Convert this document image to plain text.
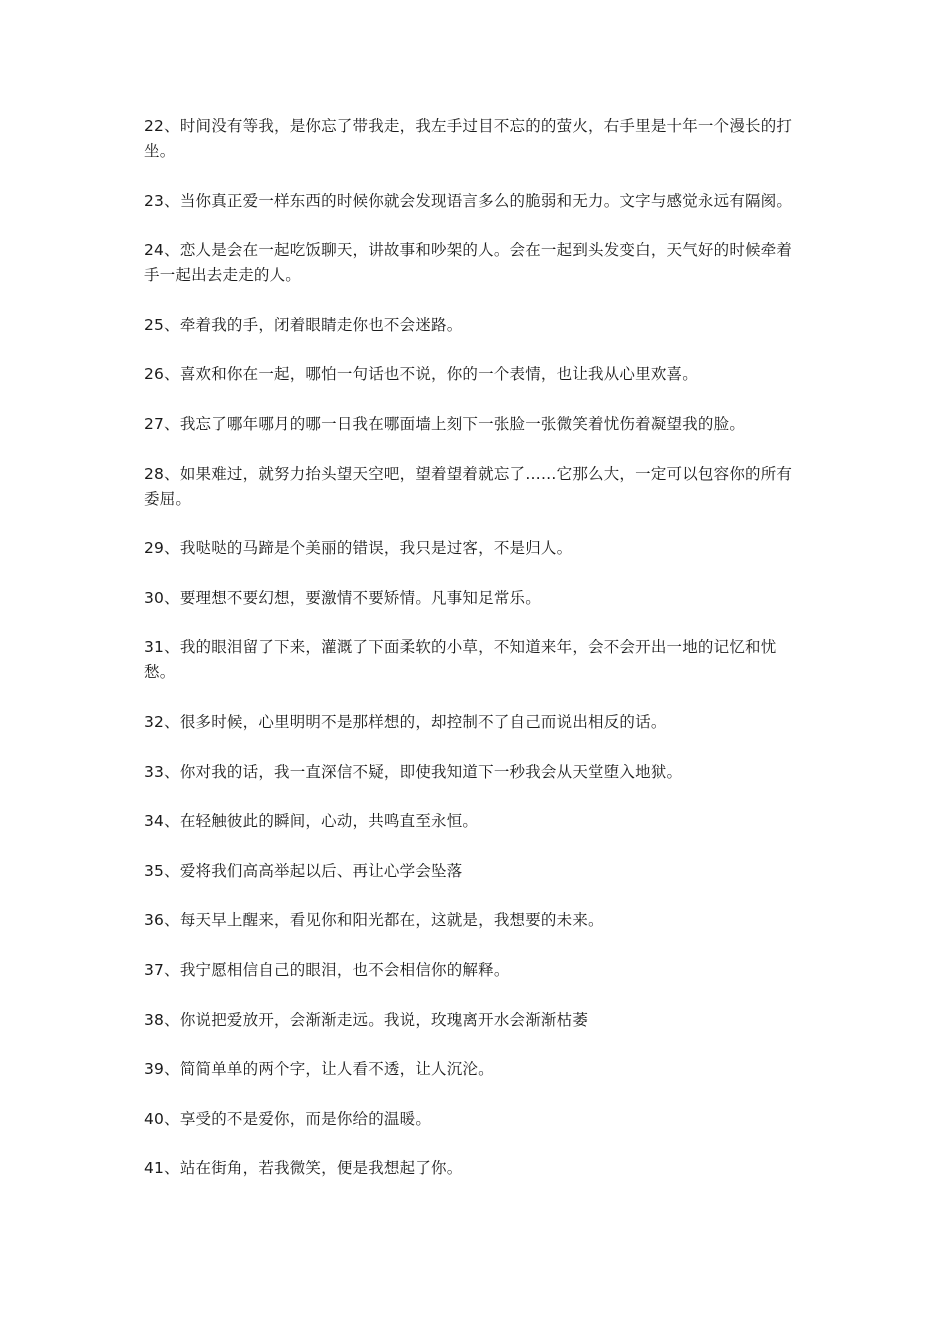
22、时间没有等我，是你忘了带我走，我左手过目不忘的的萤火，右手里是十年一个漫长的打坐。

23、当你真正爱一样东西的时候你就会发现语言多么的脆弱和无力。文字与感觉永远有隔阂。

24、恋人是会在一起吃饭聊天，讲故事和吵架的人。会在一起到头发变白，天气好的时候牵着手一起出去走走的人。

25、牵着我的手，闭着眼睛走你也不会迷路。

26、喜欢和你在一起，哪怕一句话也不说，你的一个表情，也让我从心里欢喜。

27、我忘了哪年哪月的哪一日我在哪面墙上刻下一张脸一张微笑着忧伤着凝望我的脸。

28、如果难过，就努力抬头望天空吧，望着望着就忘了……它那么大，一定可以包容你的所有委屈。

29、我哒哒的马蹄是个美丽的错误，我只是过客，不是归人。

30、要理想不要幻想，要激情不要矫情。凡事知足常乐。

31、我的眼泪留了下来，灌溉了下面柔软的小草，不知道来年，会不会开出一地的记忆和忧愁。

32、很多时候，心里明明不是那样想的，却控制不了自己而说出相反的话。

33、你对我的话，我一直深信不疑，即使我知道下一秒我会从天堂堕入地狱。

34、在轻触彼此的瞬间，心动，共鸣直至永恒。

35、爱将我们高高举起以后、再让心学会坠落

36、每天早上醒来，看见你和阳光都在，这就是，我想要的未来。

37、我宁愿相信自己的眼泪，也不会相信你的解释。

38、你说把爱放开，会渐渐走远。我说，玫瑰离开水会渐渐枯萎

39、简简单单的两个字，让人看不透，让人沉沦。

40、享受的不是爱你，而是你给的温暖。

41、站在街角，若我微笑，便是我想起了你。
